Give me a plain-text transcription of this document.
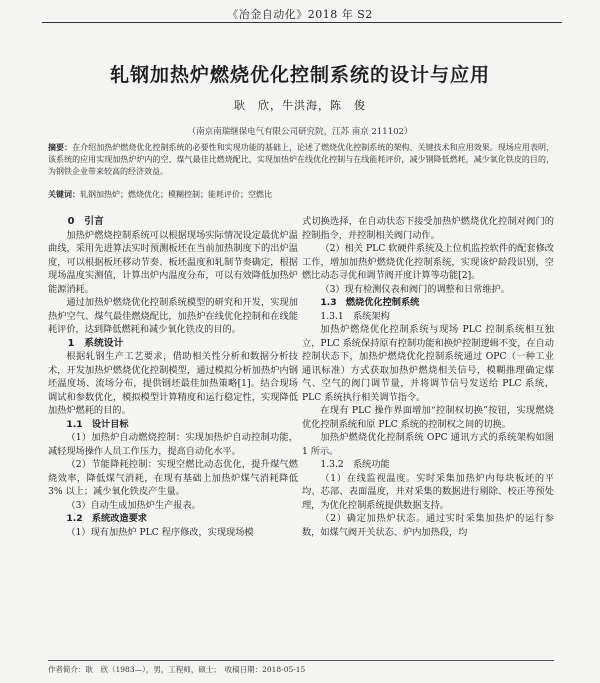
《冶金自动化》2018 年 S2
轧钢加热炉燃烧优化控制系统的设计与应用
耿　欣，牛洪海，陈　俊
（南京南瑞继保电气有限公司研究院，江苏 南京 211102）
摘要：在介绍加热炉燃烧优化控制系统的必要性和实现功能的基础上，论述了燃烧优化控制系统的架构、关键技术和应用效果。现场应用表明，该系统的应用实现加热炉炉内的空、煤气最佳比燃烧配比，实现加热炉在线优化控制与在线能耗评价，减少钢降低燃耗，减少氧化铁皮的目的，为钢铁企业带来较高的经济效益。
关键词：轧钢加热炉；燃烧优化；模糊控制；能耗评价；空燃比

0　引言

加热炉燃烧控制系统可以根据现场实际情况设定最优炉温曲线，采用先进算法实时预测板坯在当前加热制度下的出炉温度，可以根据板坯移动节奏、板坯温度和轧制节奏确定，根据现场温度实测值，计算出炉内温度分布，可以有效降低加热炉能源消耗。

通过加热炉燃烧优化控制系统模型的研究和开发，实现加热炉空气、煤气最佳燃烧配比，加热炉在线优化控制和在线能耗评价，达到降低燃耗和减少氧化铁皮的目的。

1　系统设计

根据轧钢生产工艺要求，借助相关性分析和数据分析技术，开发加热炉燃烧优化控制模型，通过模拟分析加热炉内钢坯温度场、流场分布，提供钢坯最佳加热策略[1]。结合现场调试和参数优化，模拟模型计算精度和运行稳定性，实现降低加热炉燃耗的目的。

1.1　设计目标

（1）加热炉自动燃烧控制：实现加热炉自动控制功能，减轻现场操作人员工作压力，提高自动化水平。

（2）节能降耗控制：实现空燃比动态优化，提升煤气燃烧效率，降低煤气消耗，在现有基础上加热炉煤气消耗降低 3% 以上；减少氧化铁皮产生量。

（3）自动生成加热炉生产报表。

1.2　系统改造要求

（1）现有加热炉 PLC 程序修改，实现现场模

式切换选择，在自动状态下接受加热炉燃烧优化控制对阀门的控制指令，并控制相关阀门动作。

（2）相关 PLC 软硬件系统及上位机监控软件的配套修改工作，增加加热炉燃烧优化控制系统，实现该炉龄段识别，空燃比动态寻优和调节阀开度计算等功能[2]。

（3）现有检测仪表和阀门的调整和日常维护。

1.3　燃烧优化控制系统

1.3.1　系统架构

加热炉燃烧优化控制系统与现场 PLC 控制系统相互独立，PLC 系统保持原有控制功能和换炉控制逻辑不变，在自动控制状态下，加热炉燃烧优化控制系统通过 OPC（一种工业通讯标准）方式获取加热炉燃烧相关信号，模糊推理确定煤气、空气的阀门调节量，并将调节信号发送给 PLC 系统，PLC 系统执行相关调节指令。

在现有 PLC 操作界面增加“控制权切换”按钮，实现燃烧优化控制系统和原 PLC 系统的控制权之间的切换。

加热炉燃烧优化控制系统 OPC 通讯方式的系统架构如图 1 所示。

1.3.2　系统功能

（1）在线监视温度。实时采集加热炉内每块板坯的平均、芯部、表面温度，并对采集的数据进行剔除、校正等预处理，为优化控制系统提供数据支持。

（2）确定加热炉状态。通过实时采集加热炉的运行参数，如煤气阀开关状态、炉内加热段，均

作者简介：耿　欣（1983—），男，工程师，硕士；　收稿日期：2018-05-15
